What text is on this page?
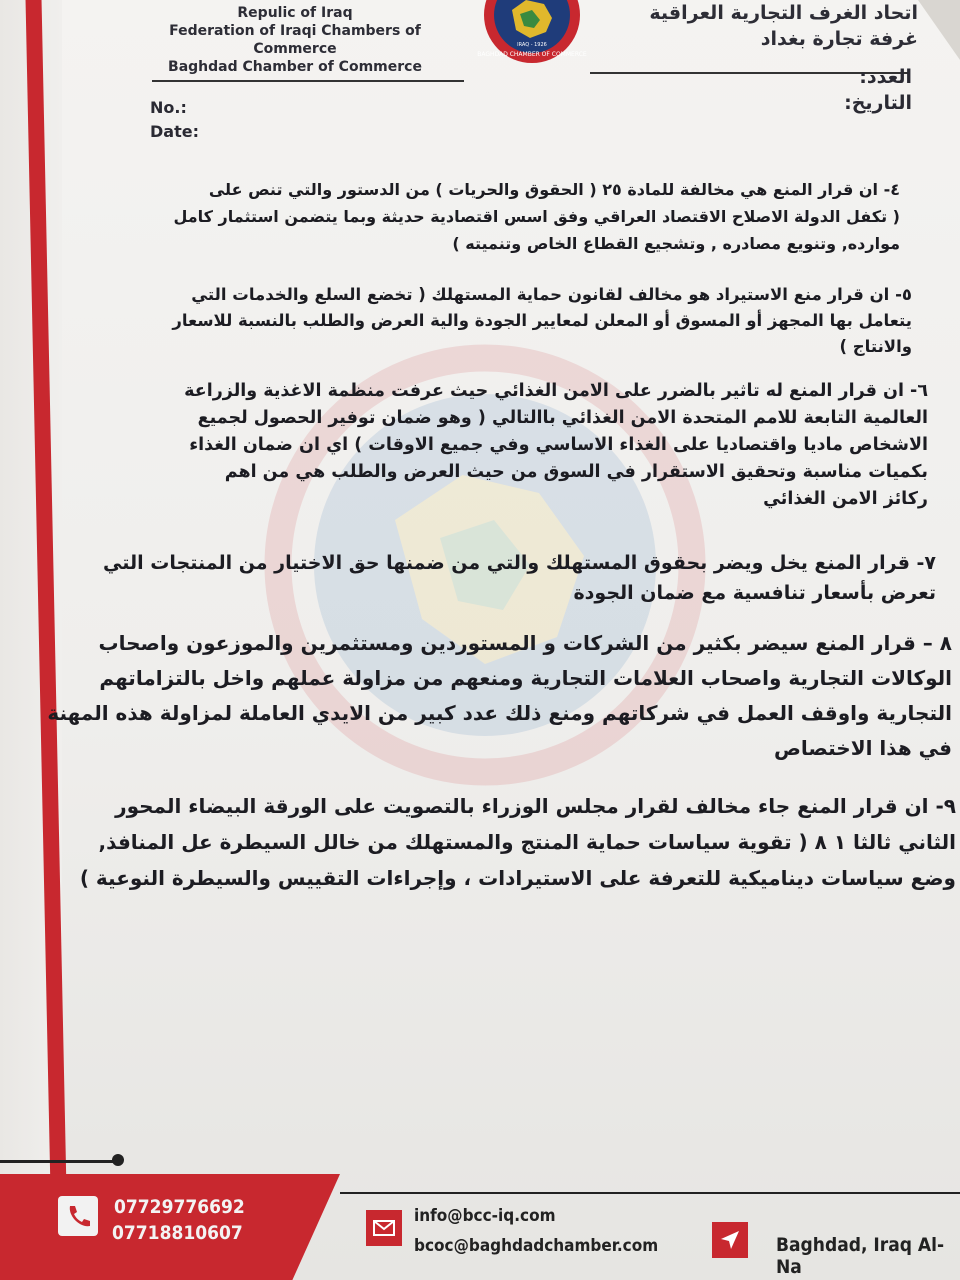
Repulic of Iraq
Federation of Iraqi Chambers of Commerce
Baghdad Chamber of Commerce
BAGHDAD CHAMBER OF COMMERCE
IRAQ - 1926
اتحاد الغرف التجارية العراقية
غرفة تجارة بغداد
No.:
Date:
العدد:
التاريخ:
٤- ان قرار المنع هي مخالفة للمادة ٢٥ ( الحقوق والحريات ) من الدستور والتي تنص على
( تكفل الدولة الاصلاح الاقتصاد العراقي وفق اسس اقتصادية حديثة وبما يتضمن استثمار كامل
موارده, وتنويع مصادره , وتشجيع القطاع الخاص وتنميته )
٥- ان قرار منع الاستيراد هو مخالف لقانون حماية المستهلك ( تخضع السلع والخدمات التي
يتعامل بها المجهز أو المسوق أو المعلن لمعايير الجودة والية العرض والطلب بالنسبة للاسعار
والانتاج )
٦- ان قرار المنع له تاثير بالضرر على الامن الغذائي حيث عرفت منظمة الاغذية والزراعة
العالمية التابعة للامم المتحدة الامن الغذائي باالتالي ( وهو ضمان توفير الحصول لجميع
الاشخاص ماديا واقتصاديا على الغذاء الاساسي وفي جميع الاوقات ) اي ان ضمان الغذاء
بكميات مناسبة وتحقيق الاستقرار في السوق من حيث العرض والطلب هي من اهم
ركائز الامن الغذائي
٧- قرار المنع يخل ويضر بحقوق المستهلك والتي من ضمنها حق الاختيار من المنتجات التي
تعرض بأسعار تنافسية مع ضمان الجودة
٨ – قرار المنع سيضر بكثير من الشركات و المستوردين ومستثمرين والموزعون واصحاب
الوكالات التجارية واصحاب العلامات التجارية ومنعهم من مزاولة عملهم واخل بالتزاماتهم
التجارية واوقف العمل في شركاتهم ومنع ذلك عدد كبير من الايدي العاملة لمزاولة هذه المهنة
في هذا الاختصاص
٩- ان قرار المنع جاء مخالف لقرار مجلس الوزراء بالتصويت على الورقة البيضاء المحور
الثاني ثالثا ١ ٨ ( تقوية سياسات حماية المنتج والمستهلك من خالل السيطرة عل المنافذ,
وضع سياسات ديناميكية للتعرفة على الاستيرادات ، وإجراءات التقييس والسيطرة النوعية )
07729776692
07718810607
info@bcc-iq.com
bcoc@baghdadchamber.com	Baghdad, Iraq Al-Na
